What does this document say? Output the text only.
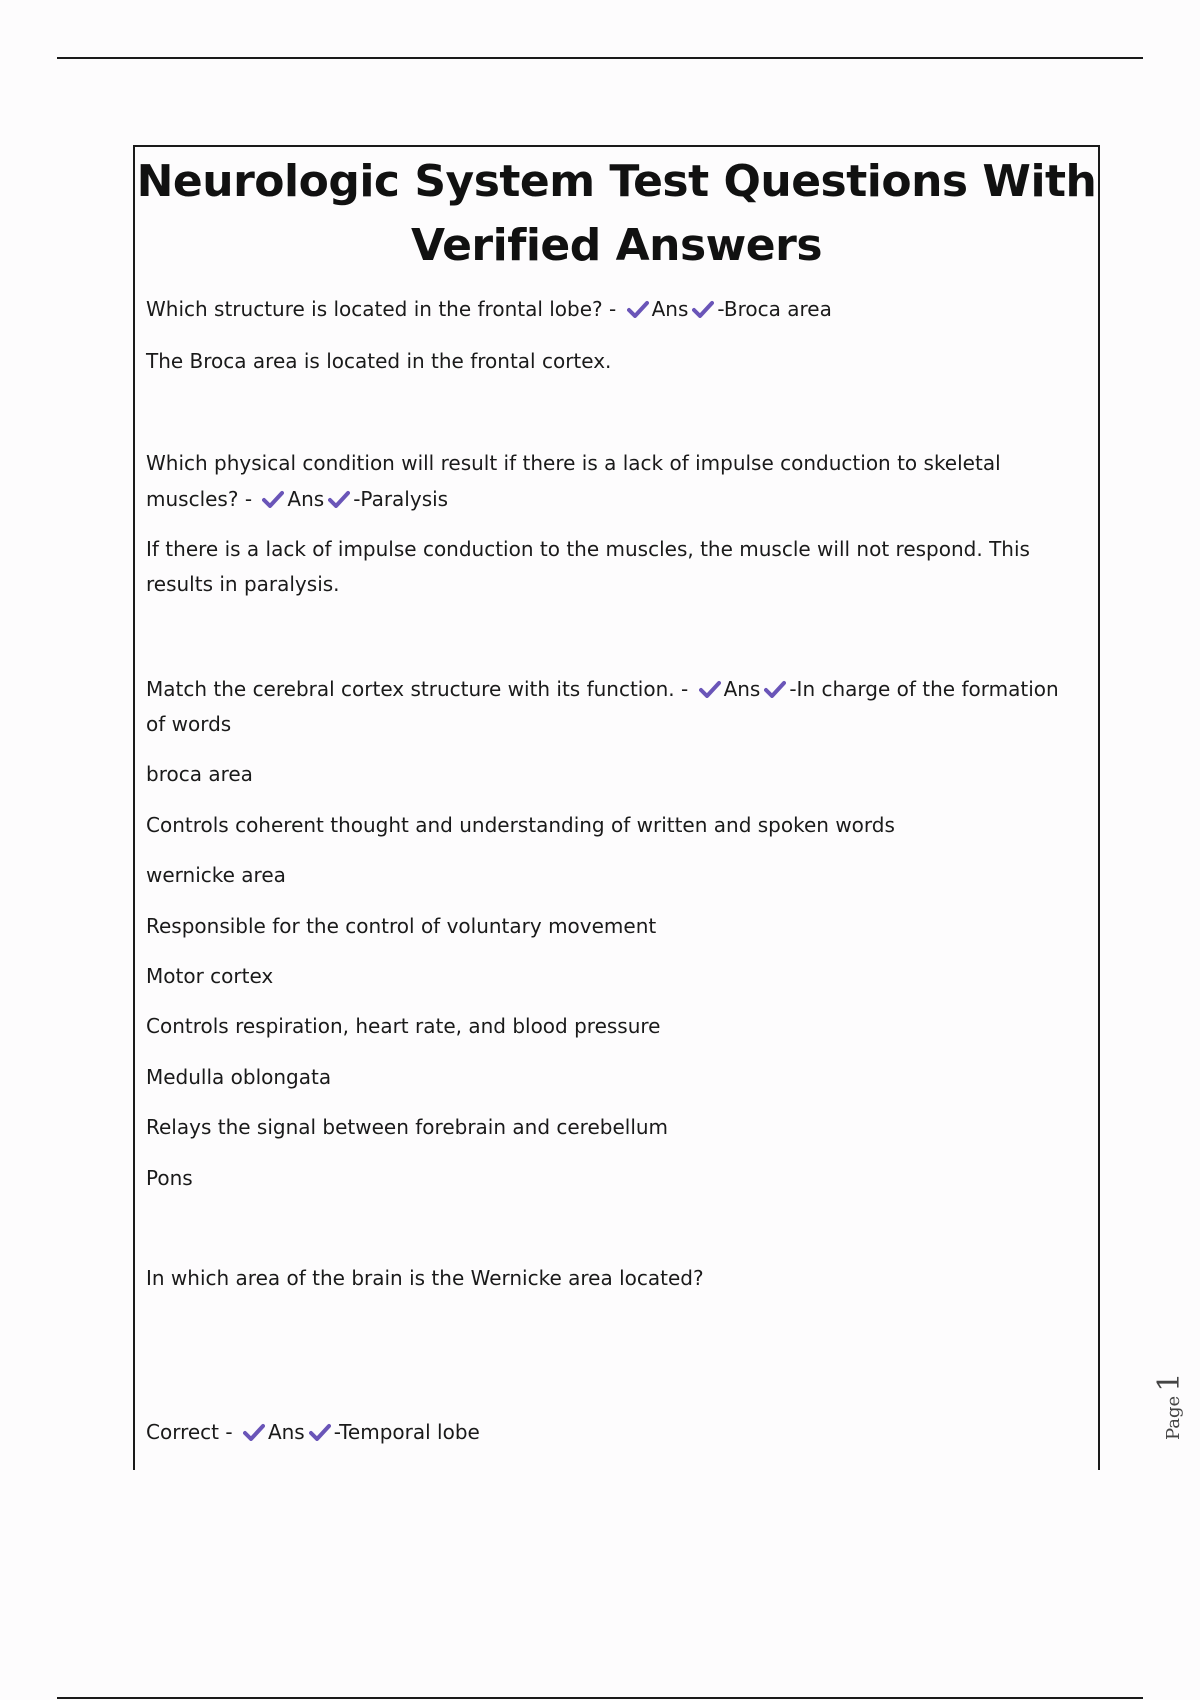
Neurologic System Test Questions With
Verified Answers

Which structure is located in the frontal lobe? - Ans -Broca area

The Broca area is located in the frontal cortex.

Which physical condition will result if there is a lack of impulse conduction to skeletal

muscles? - Ans -Paralysis

If there is a lack of impulse conduction to the muscles, the muscle will not respond. This

results in paralysis.

Match the cerebral cortex structure with its function. - Ans -In charge of the formation

of words

broca area

Controls coherent thought and understanding of written and spoken words

wernicke area

Responsible for the control of voluntary movement

Motor cortex

Controls respiration, heart rate, and blood pressure

Medulla oblongata

Relays the signal between forebrain and cerebellum

Pons

In which area of the brain is the Wernicke area located?

Correct - Ans -Temporal lobe	Page1
